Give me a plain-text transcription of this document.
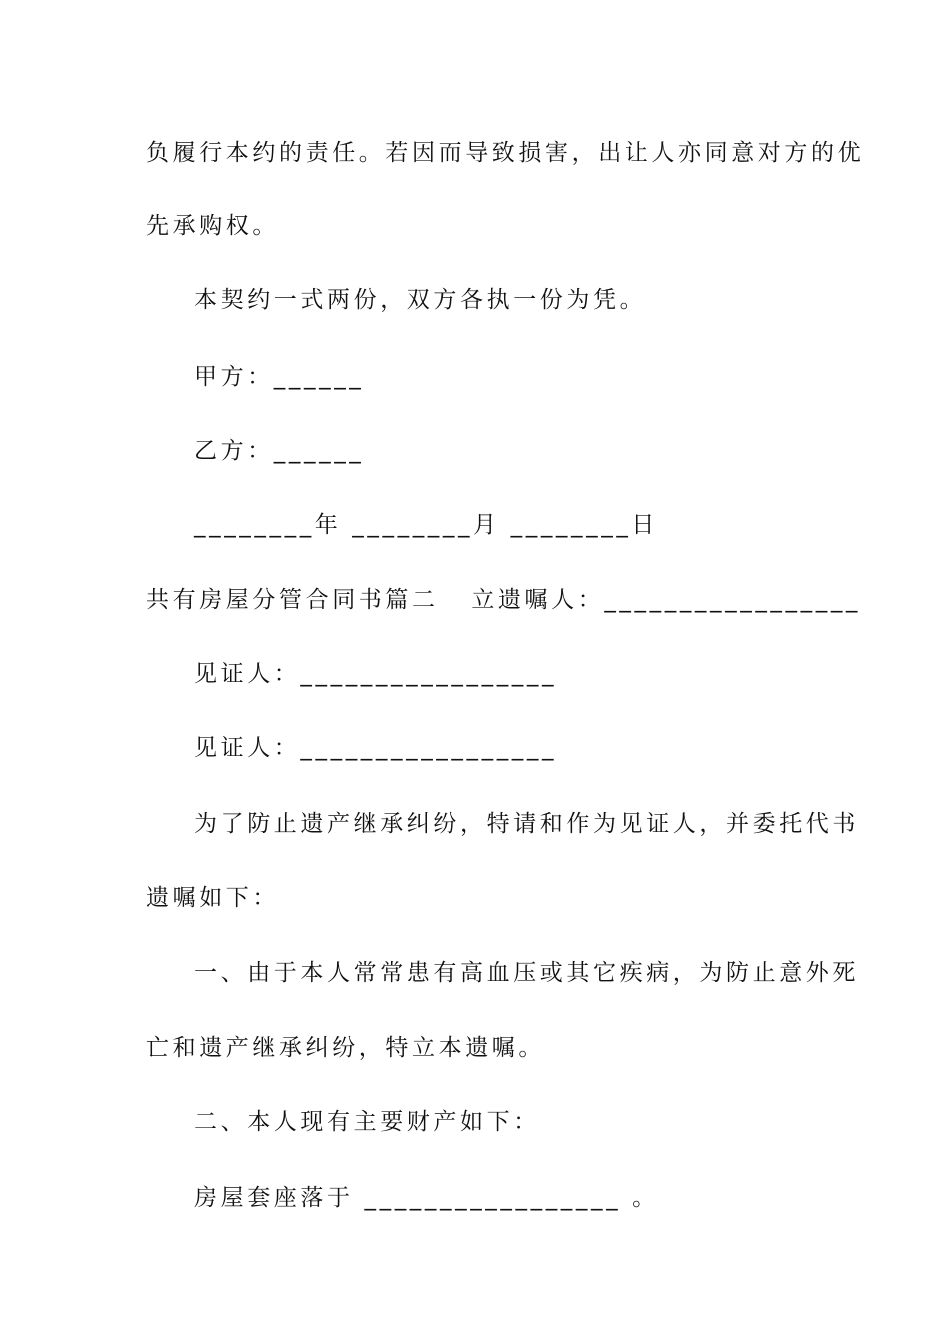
负履行本约的责任。若因而导致损害，出让人亦同意对方的优
先承购权。
本契约一式两份，双方各执一份为凭。
甲方：______
乙方：______
________年 ________月 ________日
共有房屋分管合同书篇二   立遗嘱人：_________________
见证人：_________________
见证人：_________________
为了防止遗产继承纠纷，特请和作为见证人，并委托代书
遗嘱如下：
一、由于本人常常患有高血压或其它疾病，为防止意外死
亡和遗产继承纠纷，特立本遗嘱。
二、本人现有主要财产如下：
房屋套座落于 _________________ 。
